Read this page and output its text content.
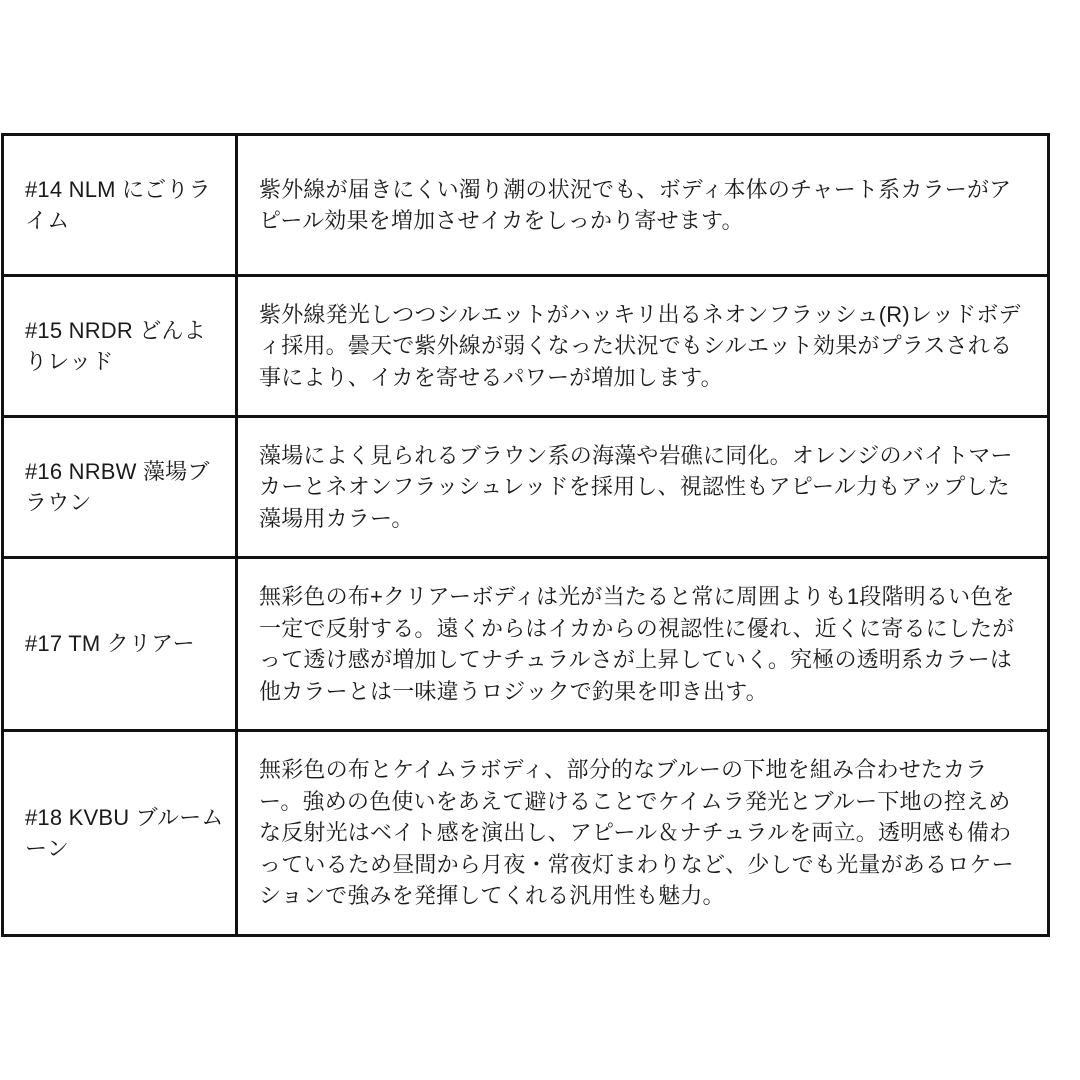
#14 NLM にごりライム	紫外線が届きにくい濁り潮の状況でも、ボディ本体のチャート系カラーがアピール効果を増加させイカをしっかり寄せます。

#15 NRDR どんよりレッド	紫外線発光しつつシルエットがハッキリ出るネオンフラッシュ(R)レッドボディ採用。曇天で紫外線が弱くなった状況でもシルエット効果がプラスされる事により、イカを寄せるパワーが増加します。

#16 NRBW 藻場ブラウン	藻場によく見られるブラウン系の海藻や岩礁に同化。オレンジのバイトマーカーとネオンフラッシュレッドを採用し、視認性もアピール力もアップした藻場用カラー。

#17 TM クリアー	無彩色の布+クリアーボディは光が当たると常に周囲よりも1段階明るい色を一定で反射する。遠くからはイカからの視認性に優れ、近くに寄るにしたがって透け感が増加してナチュラルさが上昇していく。究極の透明系カラーは他カラーとは一味違うロジックで釣果を叩き出す。

#18 KVBU ブルームーン	無彩色の布とケイムラボディ、部分的なブルーの下地を組み合わせたカラー。強めの色使いをあえて避けることでケイムラ発光とブルー下地の控えめな反射光はベイト感を演出し、アピール＆ナチュラルを両立。透明感も備わっているため昼間から月夜・常夜灯まわりなど、少しでも光量があるロケーションで強みを発揮してくれる汎用性も魅力。
